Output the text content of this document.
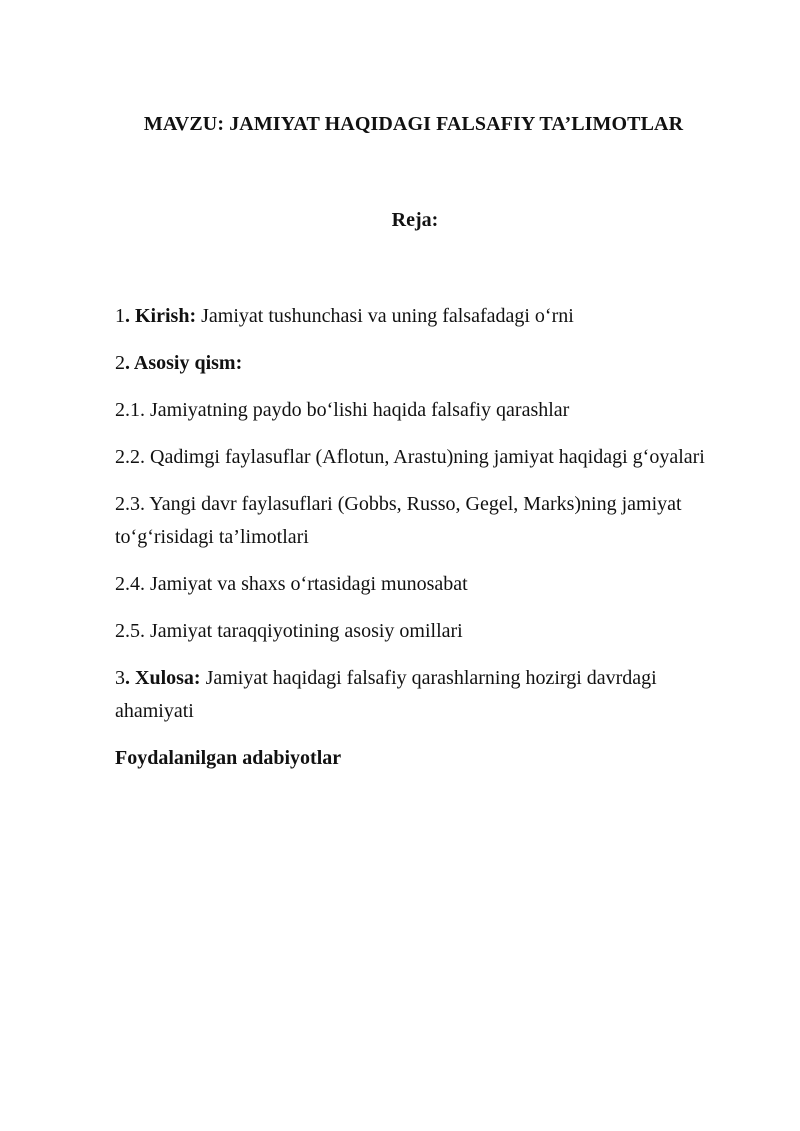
MAVZU: JAMIYAT HAQIDAGI FALSAFIY TA’LIMOTLAR
Reja:
1. Kirish: Jamiyat tushunchasi va uning falsafadagi o‘rni
2. Asosiy qism:
2.1. Jamiyatning paydo bo‘lishi haqida falsafiy qarashlar
2.2. Qadimgi faylasuflar (Aflotun, Arastu)ning jamiyat haqidagi g‘oyalari
2.3. Yangi davr faylasuflari (Gobbs, Russo, Gegel, Marks)ning jamiyat to‘g‘risidagi ta’limotlari
2.4. Jamiyat va shaxs o‘rtasidagi munosabat
2.5. Jamiyat taraqqiyotining asosiy omillari
3. Xulosa: Jamiyat haqidagi falsafiy qarashlarning hozirgi davrdagi ahamiyati
Foydalanilgan adabiyotlar
